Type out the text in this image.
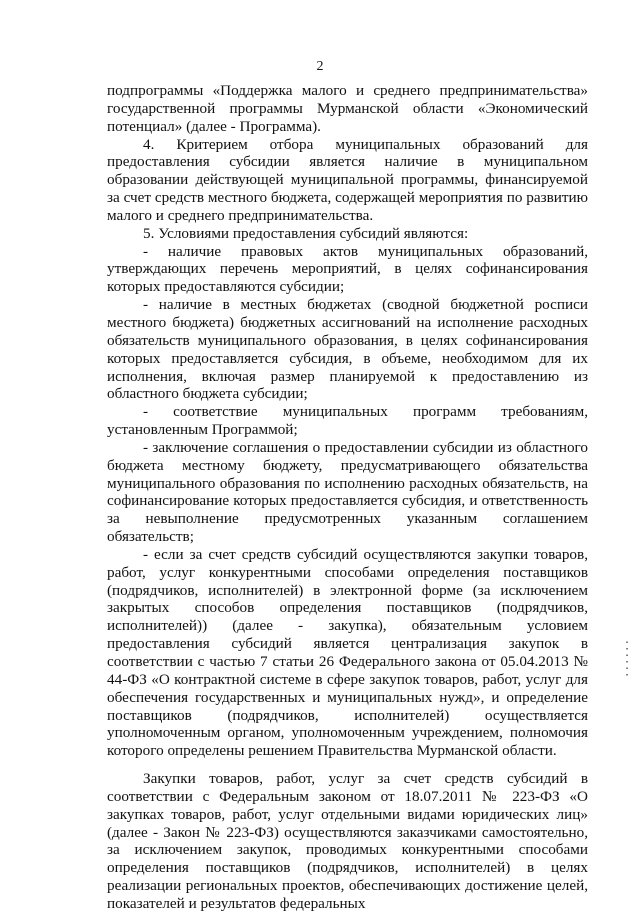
2

подпрограммы «Поддержка малого и среднего предпринимательства» государственной программы Мурманской области «Экономический потенциал» (далее - Программа).

4. Критерием отбора муниципальных образований для предоставления субсидии является наличие в муниципальном образовании действующей муниципальной программы, финансируемой за счет средств местного бюджета, содержащей мероприятия по развитию малого и среднего предпринимательства.

5. Условиями предоставления субсидий являются:

- наличие правовых актов муниципальных образований, утверждающих перечень мероприятий, в целях софинансирования которых предоставляются субсидии;

- наличие в местных бюджетах (сводной бюджетной росписи местного бюджета) бюджетных ассигнований на исполнение расходных обязательств муниципального образования, в целях софинансирования которых предоставляется субсидия, в объеме, необходимом для их исполнения, включая размер планируемой к предоставлению из областного бюджета субсидии;

- соответствие муниципальных программ требованиям, установленным Программой;

- заключение соглашения о предоставлении субсидии из областного бюджета местному бюджету, предусматривающего обязательства муниципального образования по исполнению расходных обязательств, на софинансирование которых предоставляется субсидия, и ответственность за невыполнение предусмотренных указанным соглашением обязательств;

- если за счет средств субсидий осуществляются закупки товаров, работ, услуг конкурентными способами определения поставщиков (подрядчиков, исполнителей) в электронной форме (за исключением закрытых способов определения поставщиков (подрядчиков, исполнителей)) (далее - закупка), обязательным условием предоставления субсидий является централизация закупок в соответствии с частью 7 статьи 26 Федерального закона от 05.04.2013 № 44-ФЗ «О контрактной системе в сфере закупок товаров, работ, услуг для обеспечения государственных и муниципальных нужд», и определение поставщиков (подрядчиков, исполнителей) осуществляется уполномоченным органом, уполномоченным учреждением, полномочия которого определены решением Правительства Мурманской области.

Закупки товаров, работ, услуг за счет средств субсидий в соответствии с Федеральным законом от 18.07.2011 № 223-ФЗ «О закупках товаров, работ, услуг отдельными видами юридических лиц» (далее - Закон № 223-ФЗ) осуществляются заказчиками самостоятельно, за исключением закупок, проводимых конкурентными способами определения поставщиков (подрядчиков, исполнителей) в целях реализации региональных проектов, обеспечивающих достижение целей, показателей и результатов федеральных

▪▪▪▪▪▪
